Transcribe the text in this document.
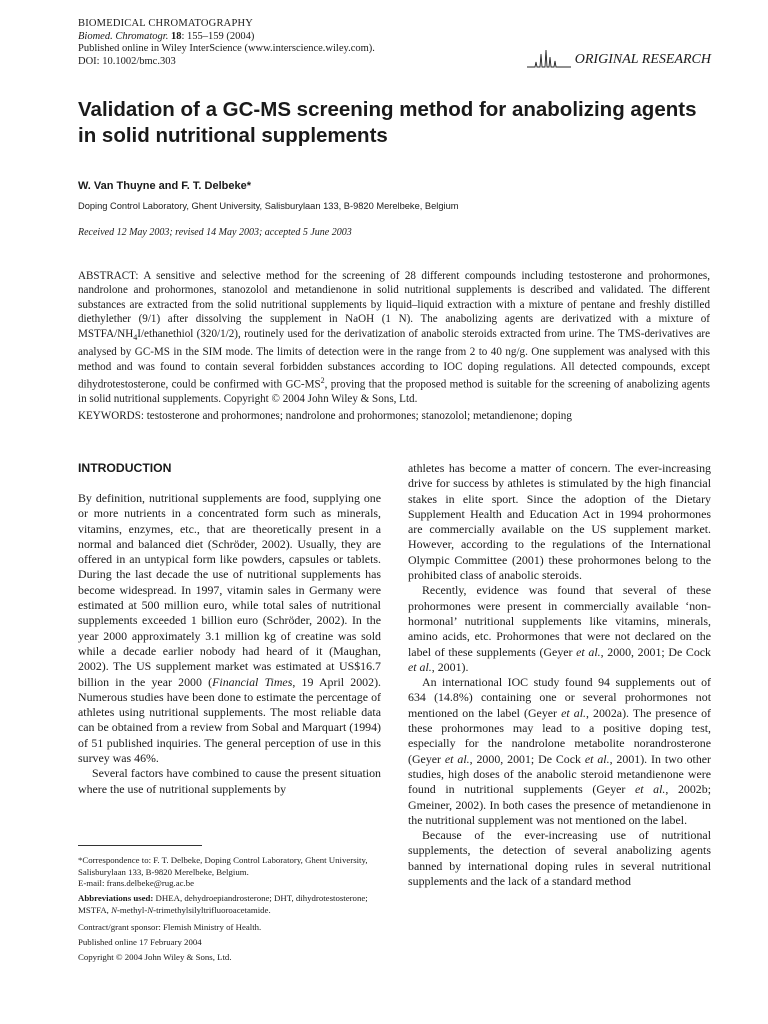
BIOMEDICAL CHROMATOGRAPHY
Biomed. Chromatogr. 18: 155–159 (2004)
Published online in Wiley InterScience (www.interscience.wiley.com).
DOI: 10.1002/bmc.303	ORIGINAL RESEARCH
Validation of a GC-MS screening method for anabolizing agents in solid nutritional supplements
W. Van Thuyne and F. T. Delbeke*
Doping Control Laboratory, Ghent University, Salisburylaan 133, B-9820 Merelbeke, Belgium
Received 12 May 2003; revised 14 May 2003; accepted 5 June 2003
ABSTRACT: A sensitive and selective method for the screening of 28 different compounds including testosterone and prohormones, nandrolone and prohormones, stanozolol and metandienone in solid nutritional supplements is described and validated. The different substances are extracted from the solid nutritional supplements by liquid–liquid extraction with a mixture of pentane and freshly distilled diethylether (9/1) after dissolving the supplement in NaOH (1 N). The anabolizing agents are derivatized with a mixture of MSTFA/$NH_4I$/ethanethiol (320/1/2), routinely used for the derivatization of anabolic steroids extracted from urine. The TMS-derivatives are analysed by GC-MS in the SIM mode. The limits of detection were in the range from 2 to 40 ng/g. One supplement was analysed with this method and was found to contain several forbidden substances according to IOC doping regulations. All detected compounds, except dihydrotestosterone, could be confirmed with $GC-MS^2$, proving that the proposed method is suitable for the screening of anabolizing agents in solid nutritional supplements. Copyright © 2004 John Wiley & Sons, Ltd.
KEYWORDS: testosterone and prohormones; nandrolone and prohormones; stanozolol; metandienone; doping
INTRODUCTION

By definition, nutritional supplements are food, supplying one or more nutrients in a concentrated form such as minerals, vitamins, enzymes, etc., that are theoretically present in a normal and balanced diet (Schröder, 2002). Usually, they are offered in an untypical form like powders, capsules or tablets. During the last decade the use of nutritional supplements has become widespread. In 1997, vitamin sales in Germany were estimated at 500 million euro, while total sales of nutritional supplements exceeded 1 billion euro (Schröder, 2002). In the year 2000 approximately 3.1 million kg of creatine was sold while a decade earlier nobody had heard of it (Maughan, 2002). The US supplement market was estimated at US$16.7 billion in the year 2000 (Financial Times, 19 April 2002). Numerous studies have been done to estimate the percentage of athletes using nutritional supplements. The most reliable data can be obtained from a review from Sobal and Marquart (1994) of 51 published inquiries. The general perception of use in this survey was 46%.

Several factors have combined to cause the present situation where the use of nutritional supplements by

athletes has become a matter of concern. The ever-increasing drive for success by athletes is stimulated by the high financial stakes in elite sport. Since the adoption of the Dietary Supplement Health and Education Act in 1994 prohormones are commercially available on the US supplement market. However, according to the regulations of the International Olympic Committee (2001) these prohormones belong to the prohibited class of anabolic steroids.

Recently, evidence was found that several of these prohormones were present in commercially available ‘non-hormonal’ nutritional supplements like vitamins, minerals, amino acids, etc. Prohormones that were not declared on the label of these supplements (Geyer et al., 2000, 2001; De Cock et al., 2001).

An international IOC study found 94 supplements out of 634 (14.8%) containing one or several prohormones not mentioned on the label (Geyer et al., 2002a). The presence of these prohormones may lead to a positive doping test, especially for the nandrolone metabolite norandrosterone (Geyer et al., 2000, 2001; De Cock et al., 2001). In two other studies, high doses of the anabolic steroid metandienone were found in nutritional supplements (Geyer et al., 2002b; Gmeiner, 2002). In both cases the presence of metandienone in the nutritional supplement was not mentioned on the label.

Because of the ever-increasing use of nutritional supplements, the detection of several anabolizing agents banned by international doping rules in several nutritional supplements and the lack of a standard method

*Correspondence to: F. T. Delbeke, Doping Control Laboratory, Ghent University, Salisburylaan 133, B-9820 Merelbeke, Belgium.
E-mail: frans.delbeke@rug.ac.be
Abbreviations used: DHEA, dehydroepiandrosterone; DHT, dihydrotestosterone; MSTFA, N-methyl-N-trimethylsilyltrifluoroacetamide.
Contract/grant sponsor: Flemish Ministry of Health.
Published online 17 February 2004
Copyright © 2004 John Wiley & Sons, Ltd.
